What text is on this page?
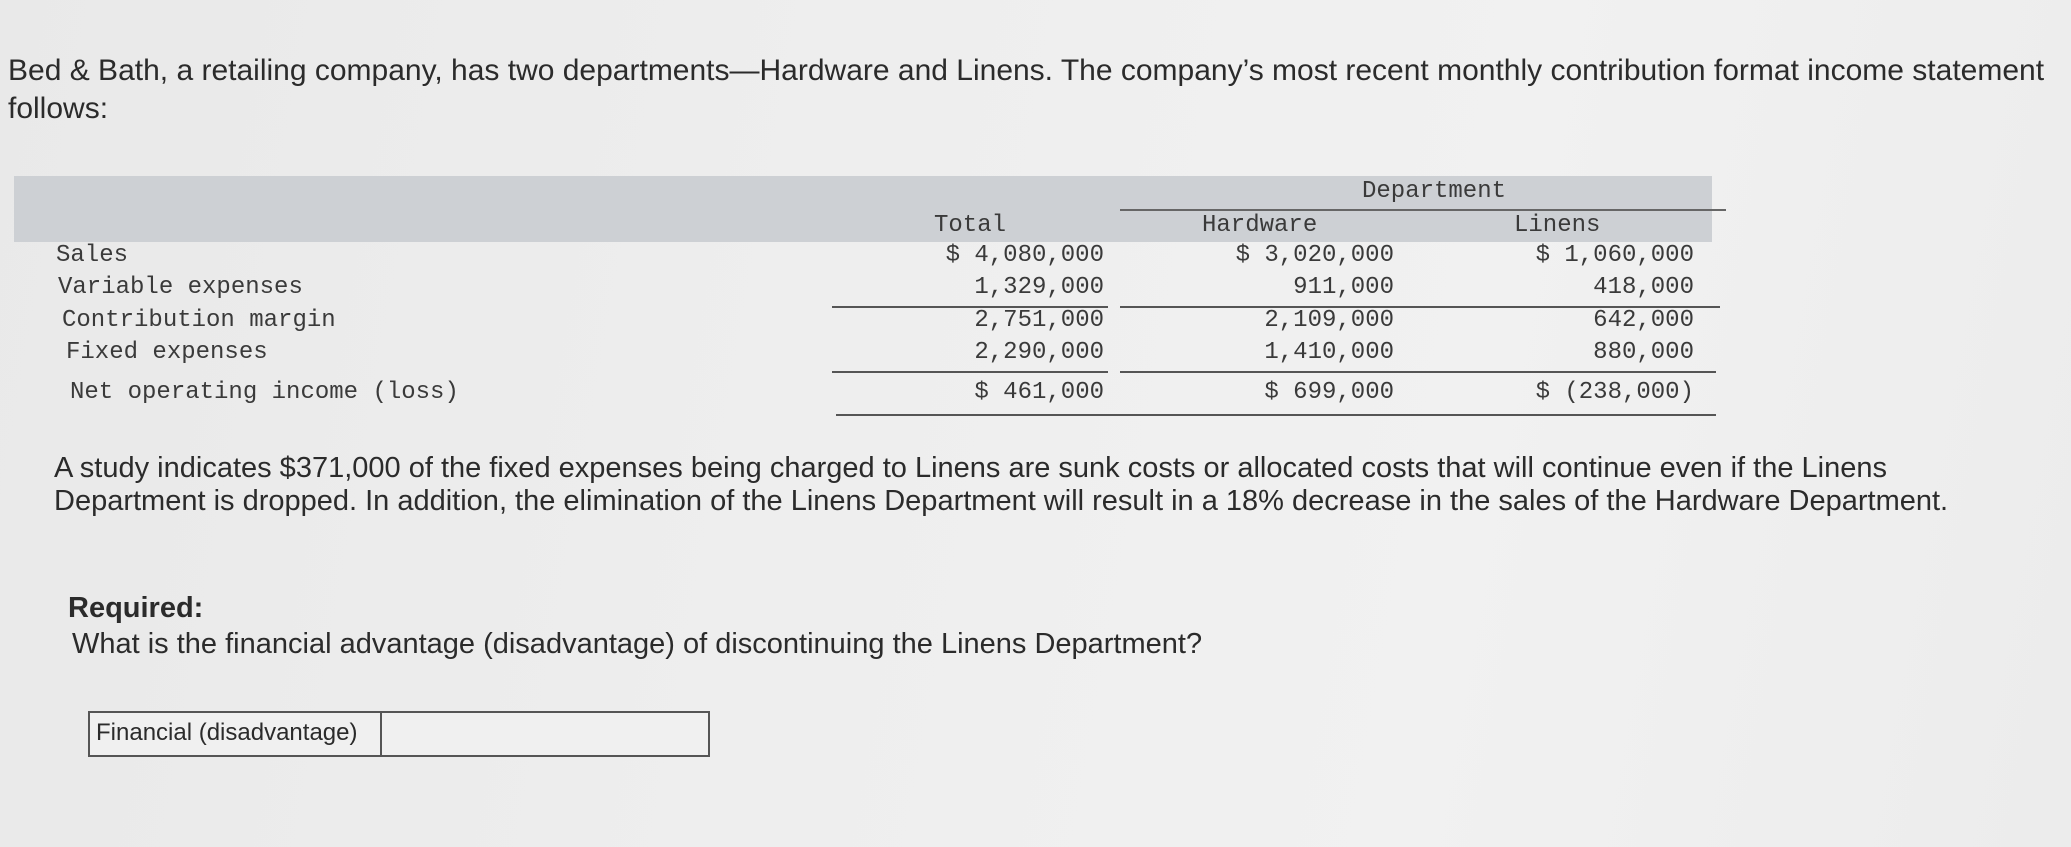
Bed & Bath, a retailing company, has two departments—Hardware and Linens. The company’s most recent monthly contribution format income statement follows:

Department
Total	Hardware	Linens
Sales	$ 4,080,000	$ 3,020,000	$ 1,060,000
Variable expenses	1,329,000	911,000	418,000
Contribution margin	2,751,000	2,109,000	642,000
Fixed expenses	2,290,000	1,410,000	880,000
Net operating income (loss)	$ 461,000	$ 699,000	$ (238,000)

A study indicates $371,000 of the fixed expenses being charged to Linens are sunk costs or allocated costs that will continue even if the Linens Department is dropped. In addition, the elimination of the Linens Department will result in a 18% decrease in the sales of the Hardware Department.

Required:
What is the financial advantage (disadvantage) of discontinuing the Linens Department?
Financial (disadvantage)
